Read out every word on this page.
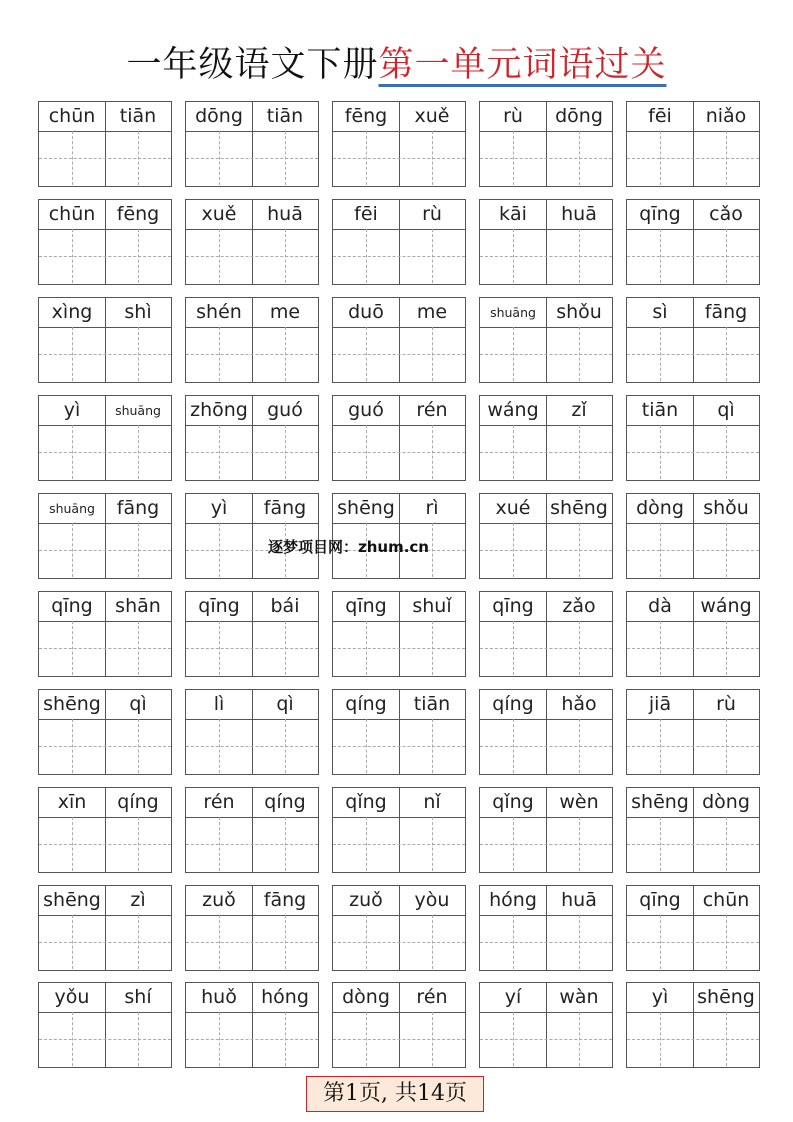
一年级语文下册第一单元词语过关
chūn	tiān	dōng	tiān	fēng	xuě	rù	dōng	fēi	niǎo
chūn	fēng	xuě	huā	fēi	rù	kāi	huā	qīng	cǎo
xìng	shì	shén	me	duō	me	shuāng	shǒu	sì	fāng
yì	shuāng	zhōng	guó	guó	rén	wáng	zǐ	tiān	qì
shuāng	fāng	yì	fāng	shēng	rì	xué	shēng	dòng	shǒu
qīng	shān	qīng	bái	qīng	shuǐ	qīng	zǎo	dà	wáng
shēng	qì	lì	qì	qíng	tiān	qíng	hǎo	jiā	rù
xīn	qíng	rén	qíng	qǐng	nǐ	qǐng	wèn	shēng dòng
shēng	zì	zuǒ	fāng	zuǒ	yòu	hóng	huā	qīng	chūn
yǒu	shí	huǒ	hóng	dòng	rén	yí	wàn	yì	shēng
逐梦项目网：zhum.cn
第1页, 共14页
